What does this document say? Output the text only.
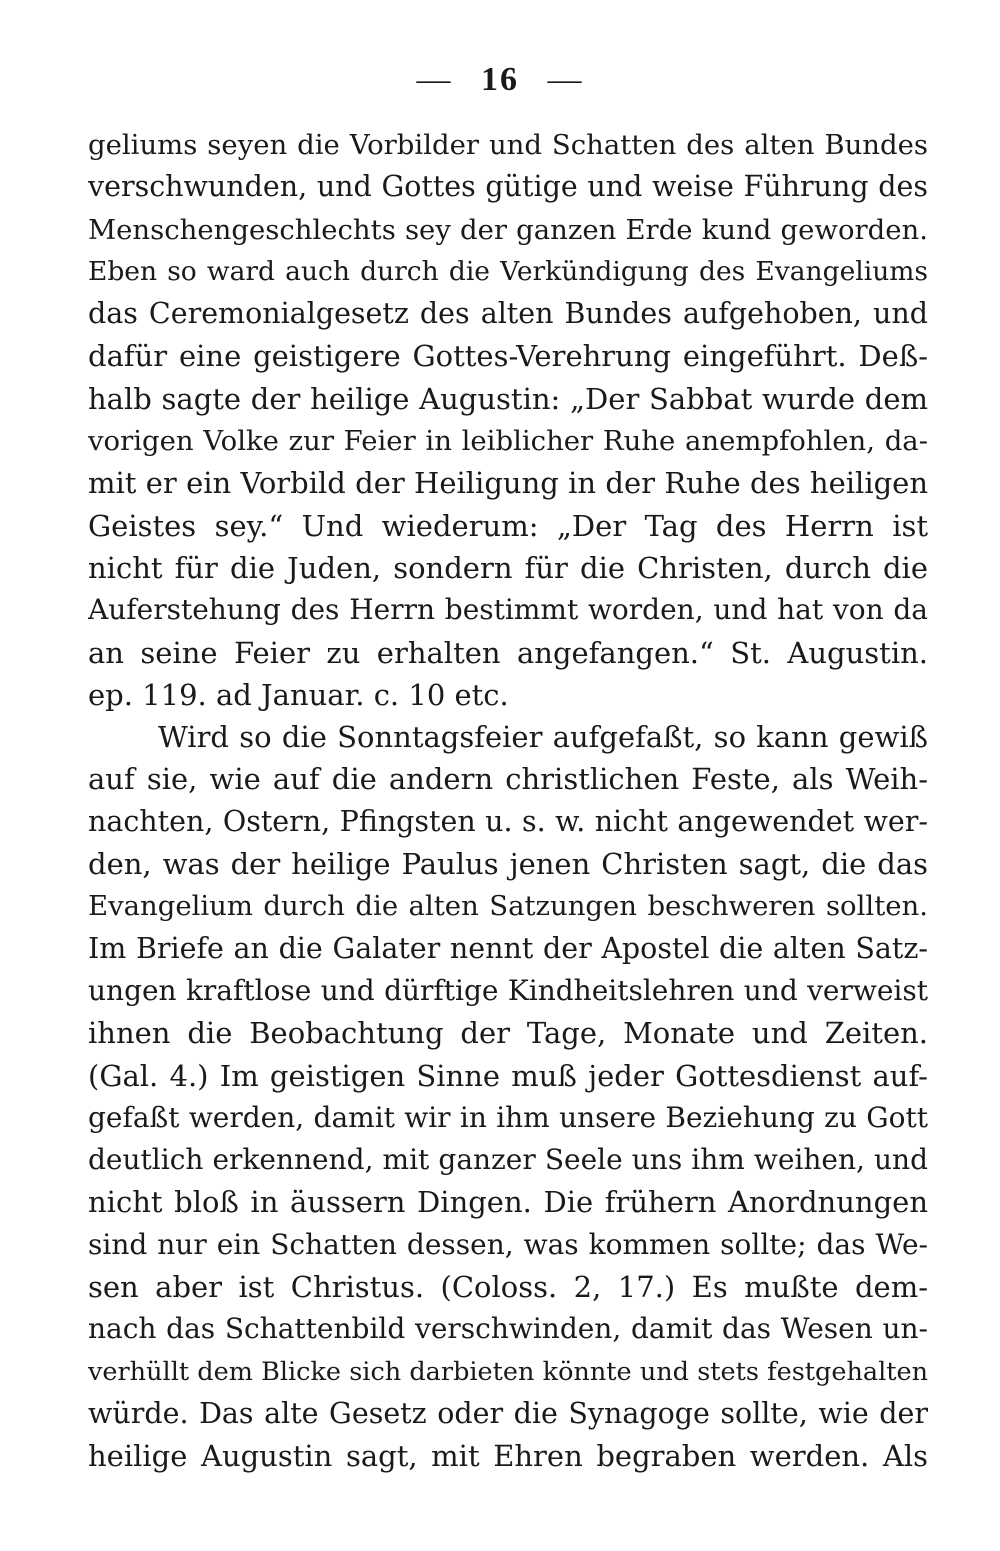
— 16 —
geliums seyen die Vorbilder und Schatten des alten Bundes
verschwunden, und Gottes gütige und weise Führung des
Menschengeschlechts sey der ganzen Erde kund geworden.
Eben so ward auch durch die Verkündigung des Evangeliums
das Ceremonialgesetz des alten Bundes aufgehoben, und
dafür eine geistigere Gottes-Verehrung eingeführt. Deß-
halb sagte der heilige Augustin: „Der Sabbat wurde dem
vorigen Volke zur Feier in leiblicher Ruhe anempfohlen, da-
mit er ein Vorbild der Heiligung in der Ruhe des heiligen
Geistes sey.“ Und wiederum: „Der Tag des Herrn ist
nicht für die Juden, sondern für die Christen, durch die
Auferstehung des Herrn bestimmt worden, und hat von da
an seine Feier zu erhalten angefangen.“ St. Augustin.
ep. 119. ad Januar. c. 10 etc.
Wird so die Sonntagsfeier aufgefaßt, so kann gewiß
auf sie, wie auf die andern christlichen Feste, als Weih-
nachten, Ostern, Pfingsten u. s. w. nicht angewendet wer-
den, was der heilige Paulus jenen Christen sagt, die das
Evangelium durch die alten Satzungen beschweren sollten.
Im Briefe an die Galater nennt der Apostel die alten Satz-
ungen kraftlose und dürftige Kindheitslehren und verweist
ihnen die Beobachtung der Tage, Monate und Zeiten.
(Gal. 4.) Im geistigen Sinne muß jeder Gottesdienst auf-
gefaßt werden, damit wir in ihm unsere Beziehung zu Gott
deutlich erkennend, mit ganzer Seele uns ihm weihen, und
nicht bloß in äussern Dingen. Die frühern Anordnungen
sind nur ein Schatten dessen, was kommen sollte; das We-
sen aber ist Christus. (Coloss. 2, 17.) Es mußte dem-
nach das Schattenbild verschwinden, damit das Wesen un-
verhüllt dem Blicke sich darbieten könnte und stets festgehalten
würde. Das alte Gesetz oder die Synagoge sollte, wie der
heilige Augustin sagt, mit Ehren begraben werden. Als
